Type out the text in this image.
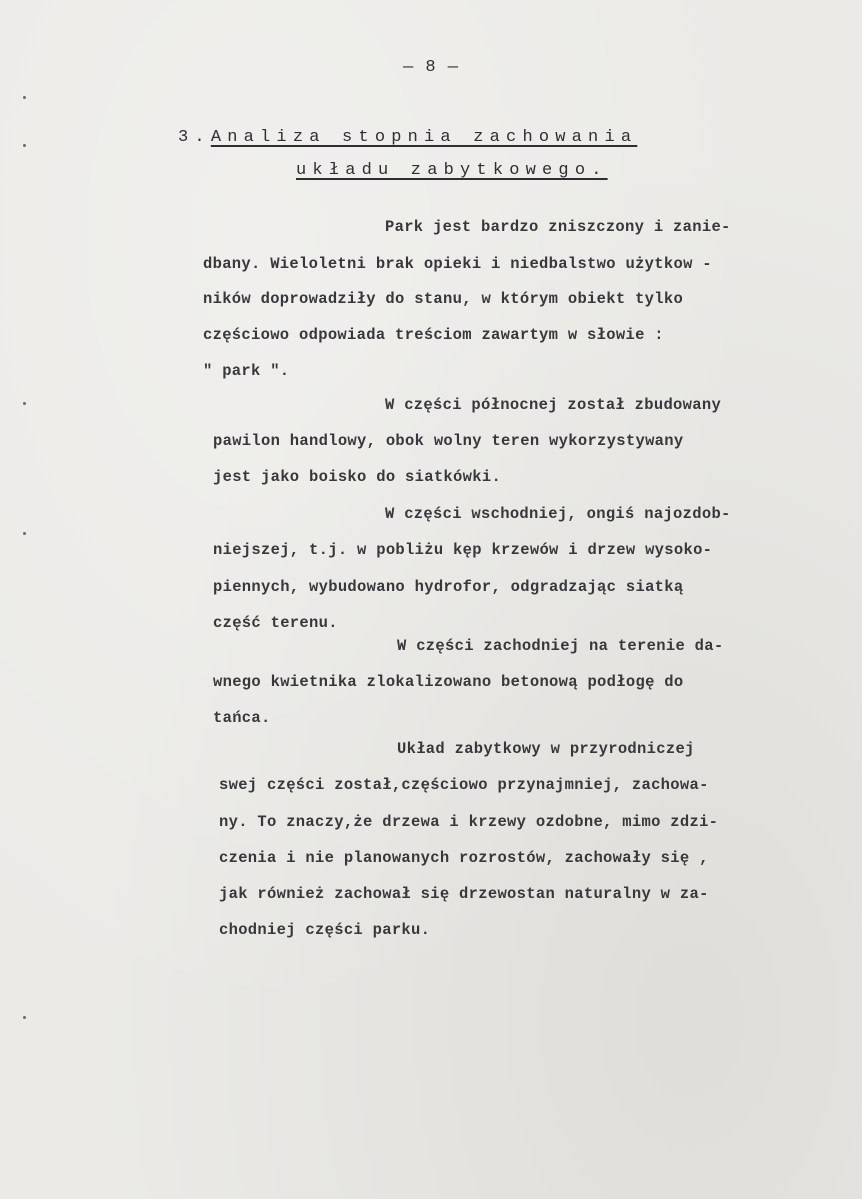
— 8 —
3.Analiza stopnia zachowania
układu zabytkowego.
Park jest bardzo zniszczony i zanie-
dbany. Wieloletni brak opieki i niedbalstwo użytkow -
ników doprowadziły do stanu, w którym obiekt tylko
częściowo odpowiada treściom zawartym w słowie :
" park ".
W części północnej został zbudowany
pawilon handlowy, obok wolny teren wykorzystywany
jest jako boisko do siatkówki.
W części wschodniej, ongiś najozdob-
niejszej, t.j. w pobliżu kęp krzewów i drzew wysoko-
piennych, wybudowano hydrofor, odgradzając siatką
część terenu.
W części zachodniej na terenie da-
wnego kwietnika zlokalizowano betonową podłogę do
tańca.
Układ zabytkowy w przyrodniczej
swej części został,częściowo przynajmniej, zachowa-
ny. To znaczy,że drzewa i krzewy ozdobne, mimo zdzi-
czenia i nie planowanych rozrostów, zachowały się ,
jak również zachował się drzewostan naturalny w za-
chodniej części parku.
